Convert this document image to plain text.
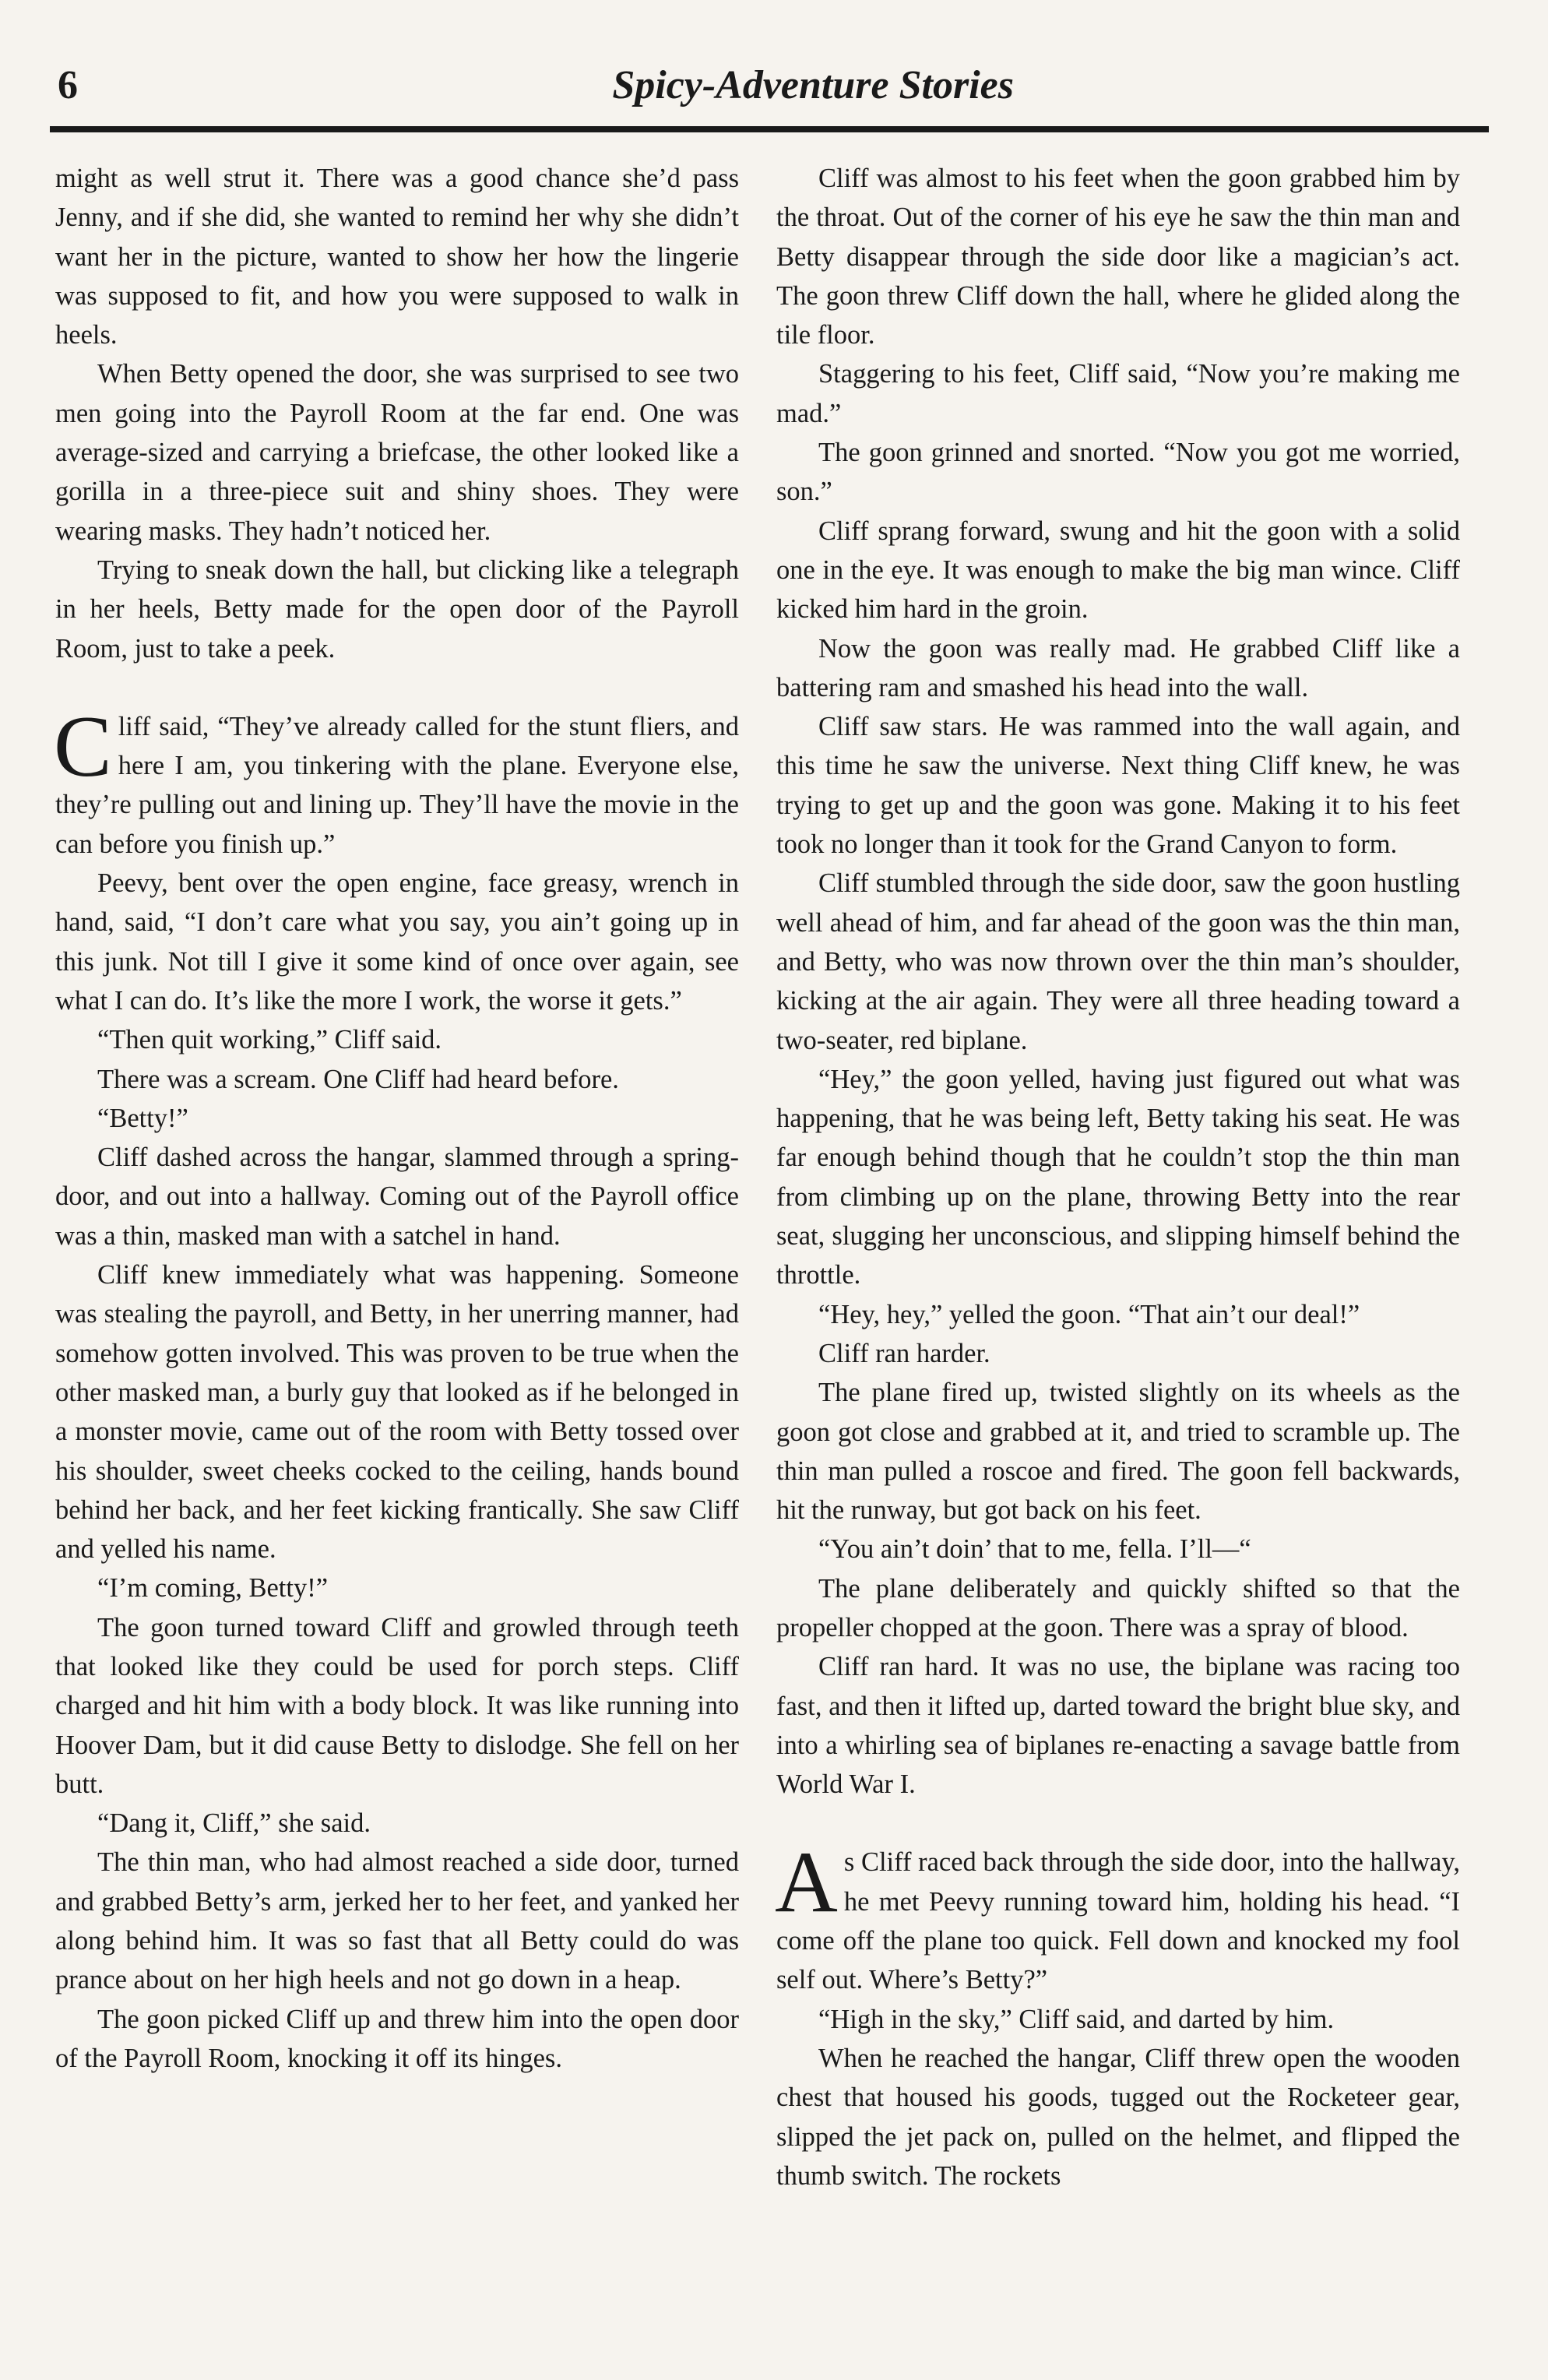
6	Spicy-Adventure Stories

might as well strut it. There was a good chance she’d pass Jenny, and if she did, she wanted to remind her why she didn’t want her in the picture, wanted to show her how the lingerie was supposed to fit, and how you were supposed to walk in heels.

When Betty opened the door, she was surprised to see two men going into the Payroll Room at the far end. One was average-sized and carrying a briefcase, the other looked like a gorilla in a three-piece suit and shiny shoes. They were wearing masks. They hadn’t noticed her.

Trying to sneak down the hall, but clicking like a telegraph in her heels, Betty made for the open door of the Payroll Room, just to take a peek.

Cliff said, “They’ve already called for the stunt fliers, and here I am, you tinkering with the plane. Everyone else, they’re pulling out and lining up. They’ll have the movie in the can before you finish up.”

Peevy, bent over the open engine, face greasy, wrench in hand, said, “I don’t care what you say, you ain’t going up in this junk. Not till I give it some kind of once over again, see what I can do. It’s like the more I work, the worse it gets.”

“Then quit working,” Cliff said.

There was a scream. One Cliff had heard before.

“Betty!”

Cliff dashed across the hangar, slammed through a spring-door, and out into a hallway. Coming out of the Payroll office was a thin, masked man with a satchel in hand.

Cliff knew immediately what was happening. Someone was stealing the payroll, and Betty, in her unerring manner, had somehow gotten involved. This was proven to be true when the other masked man, a burly guy that looked as if he belonged in a monster movie, came out of the room with Betty tossed over his shoulder, sweet cheeks cocked to the ceiling, hands bound behind her back, and her feet kicking frantically. She saw Cliff and yelled his name.

“I’m coming, Betty!”

The goon turned toward Cliff and growled through teeth that looked like they could be used for porch steps. Cliff charged and hit him with a body block. It was like running into Hoover Dam, but it did cause Betty to dislodge. She fell on her butt.

“Dang it, Cliff,” she said.

The thin man, who had almost reached a side door, turned and grabbed Betty’s arm, jerked her to her feet, and yanked her along behind him. It was so fast that all Betty could do was prance about on her high heels and not go down in a heap.

The goon picked Cliff up and threw him into the open door of the Payroll Room, knocking it off its hinges.

Cliff was almost to his feet when the goon grabbed him by the throat. Out of the corner of his eye he saw the thin man and Betty disappear through the side door like a magician’s act. The goon threw Cliff down the hall, where he glided along the tile floor.

Staggering to his feet, Cliff said, “Now you’re making me mad.”

The goon grinned and snorted. “Now you got me worried, son.”

Cliff sprang forward, swung and hit the goon with a solid one in the eye. It was enough to make the big man wince. Cliff kicked him hard in the groin.

Now the goon was really mad. He grabbed Cliff like a battering ram and smashed his head into the wall.

Cliff saw stars. He was rammed into the wall again, and this time he saw the universe. Next thing Cliff knew, he was trying to get up and the goon was gone. Making it to his feet took no longer than it took for the Grand Canyon to form.

Cliff stumbled through the side door, saw the goon hustling well ahead of him, and far ahead of the goon was the thin man, and Betty, who was now thrown over the thin man’s shoulder, kicking at the air again. They were all three heading toward a two-seater, red biplane.

“Hey,” the goon yelled, having just figured out what was happening, that he was being left, Betty taking his seat. He was far enough behind though that he couldn’t stop the thin man from climbing up on the plane, throwing Betty into the rear seat, slugging her unconscious, and slipping himself behind the throttle.

“Hey, hey,” yelled the goon. “That ain’t our deal!”

Cliff ran harder.

The plane fired up, twisted slightly on its wheels as the goon got close and grabbed at it, and tried to scramble up. The thin man pulled a roscoe and fired. The goon fell backwards, hit the runway, but got back on his feet.

“You ain’t doin’ that to me, fella. I’ll—“

The plane deliberately and quickly shifted so that the propeller chopped at the goon. There was a spray of blood.

Cliff ran hard. It was no use, the biplane was racing too fast, and then it lifted up, darted toward the bright blue sky, and into a whirling sea of biplanes re-enacting a savage battle from World War I.

As Cliff raced back through the side door, into the hallway, he met Peevy running toward him, holding his head. “I come off the plane too quick. Fell down and knocked my fool self out. Where’s Betty?”

“High in the sky,” Cliff said, and darted by him.

When he reached the hangar, Cliff threw open the wooden chest that housed his goods, tugged out the Rocketeer gear, slipped the jet pack on, pulled on the helmet, and flipped the thumb switch. The rockets
